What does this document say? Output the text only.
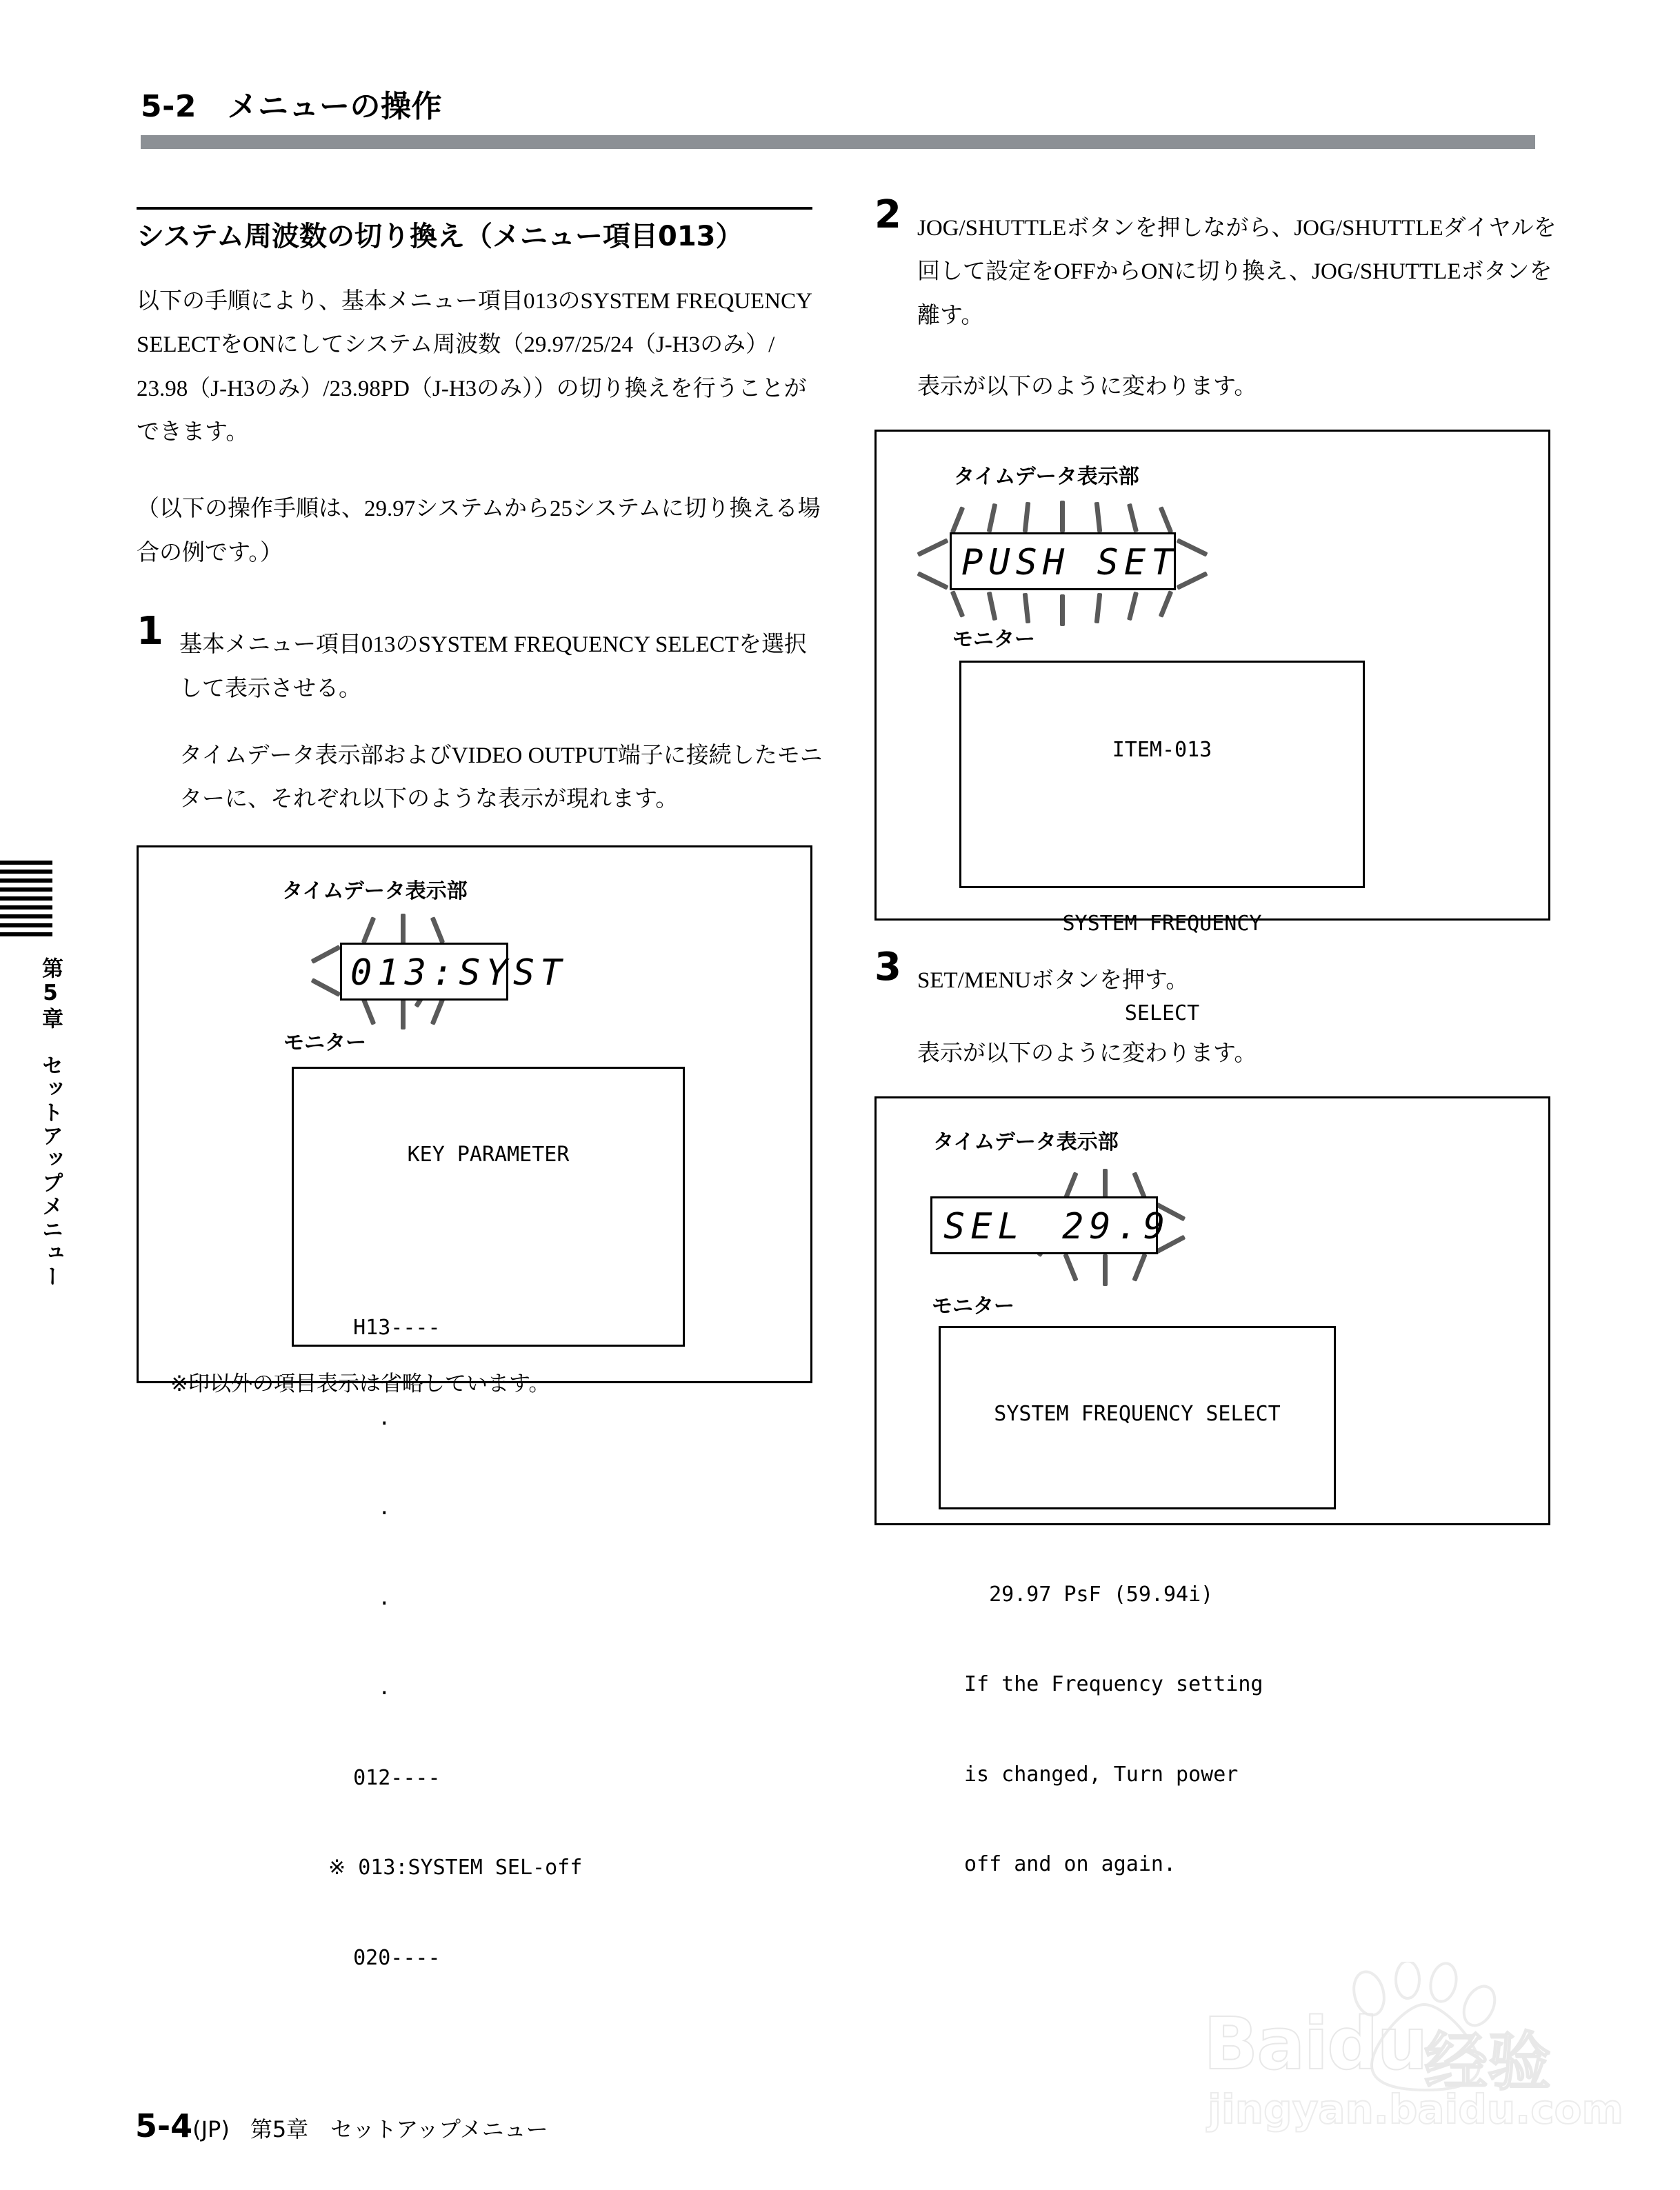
5-2　メニューの操作
第5章　セットアップメニュー
システム周波数の切り換え（メニュー項目013）

以下の手順により、基本メニュー項目013のSYSTEM FREQUENCY SELECTをONにしてシステム周波数（29.97/25/24（J-H3のみ）/ 23.98（J-H3のみ）/23.98PD（J-H3のみ））の切り換えを行うことができます。

（以下の操作手順は、29.97システムから25システムに切り換える場合の例です。）

1 基本メニュー項目013のSYSTEM FREQUENCY SELECTを選択して表示させる。
タイムデータ表示部およびVIDEO OUTPUT端子に接続したモニターに、それぞれ以下のような表示が現れます。
タイムデータ表示部
013:SYST
モニター

KEY PARAMETER

H13----

.

.

.

.

012----

※ 013:SYSTEM SEL-off

020----

※印以外の項目表示は省略しています。
2 JOG/SHUTTLEボタンを押しながら、JOG/SHUTTLEダイヤルを回して設定をOFFからONに切り換え、JOG/SHUTTLEボタンを離す。
表示が以下のように変わります。
タイムデータ表示部
PUSH SET
モニター

ITEM-013

SYSTEM FREQUENCY

SELECT

3 SET/MENUボタンを押す。
表示が以下のように変わります。
タイムデータ表示部
SEL 29.9
モニター

SYSTEM FREQUENCY SELECT

29.97 PsF (59.94i)

If the Frequency setting

is changed, Turn power

off and on again.

5-4(JP) 第5章　セットアップメニュー
Baidu
经验
jingyan.baidu.com
